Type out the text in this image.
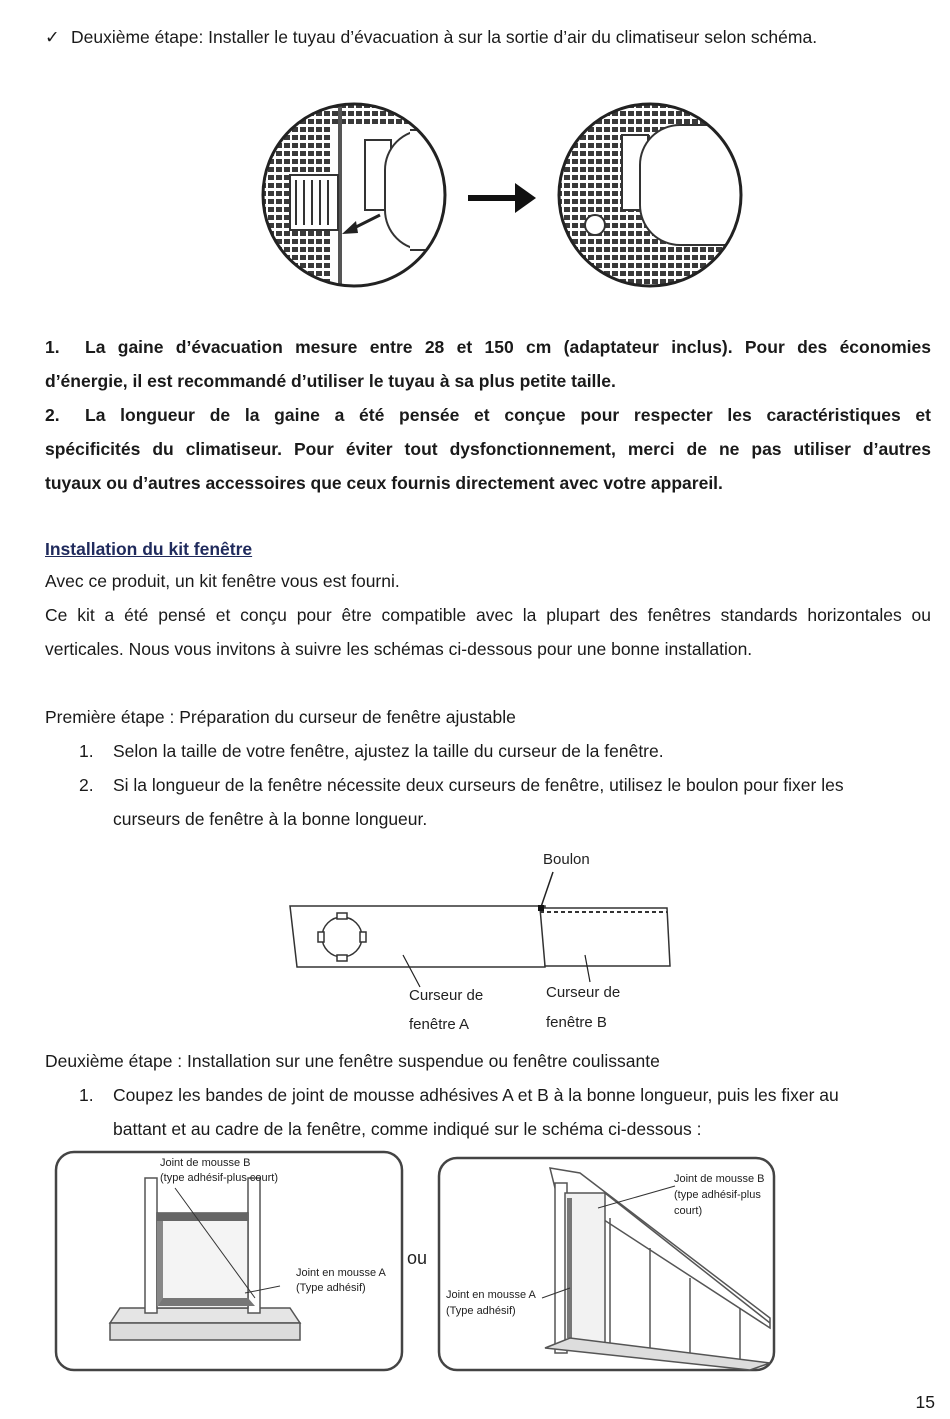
✓ Deuxième étape: Installer le tuyau d’évacuation à sur la sortie d’air du climatiseur selon schéma.
1. La gaine d’évacuation mesure entre 28 et 150 cm (adaptateur inclus). Pour des économies
d’énergie, il est recommandé d’utiliser le tuyau à sa plus petite taille.
2. La longueur de la gaine a été pensée et conçue pour respecter les caractéristiques et
spécificités du climatiseur. Pour éviter tout dysfonctionnement, merci de ne pas utiliser d’autres
tuyaux ou d’autres accessoires que ceux fournis directement avec votre appareil.
Installation du kit fenêtre
Avec ce produit, un kit fenêtre vous est fourni.
Ce kit a été pensé et conçu pour être compatible avec la plupart des fenêtres standards horizontales ou
verticales. Nous vous invitons à suivre les schémas ci-dessous pour une bonne installation.
Première étape : Préparation du curseur de fenêtre ajustable
1. Selon la taille de votre fenêtre, ajustez la taille du curseur de la fenêtre.
2. Si la longueur de la fenêtre nécessite deux curseurs de fenêtre, utilisez le boulon pour fixer les
curseurs de fenêtre à la bonne longueur.
Boulon
Curseur de
fenêtre A
Curseur de
fenêtre B
Deuxième étape : Installation sur une fenêtre suspendue ou fenêtre coulissante
1. Coupez les bandes de joint de mousse adhésives A et B à la bonne longueur, puis les fixer au
battant et au cadre de la fenêtre, comme indiqué sur le schéma ci-dessous :
Joint de mousse B
(type adhésif-plus court)
Joint en mousse A
(Type adhésif)
ou
Joint de mousse B
(type adhésif-plus
court)
Joint en mousse A
(Type adhésif)
15
